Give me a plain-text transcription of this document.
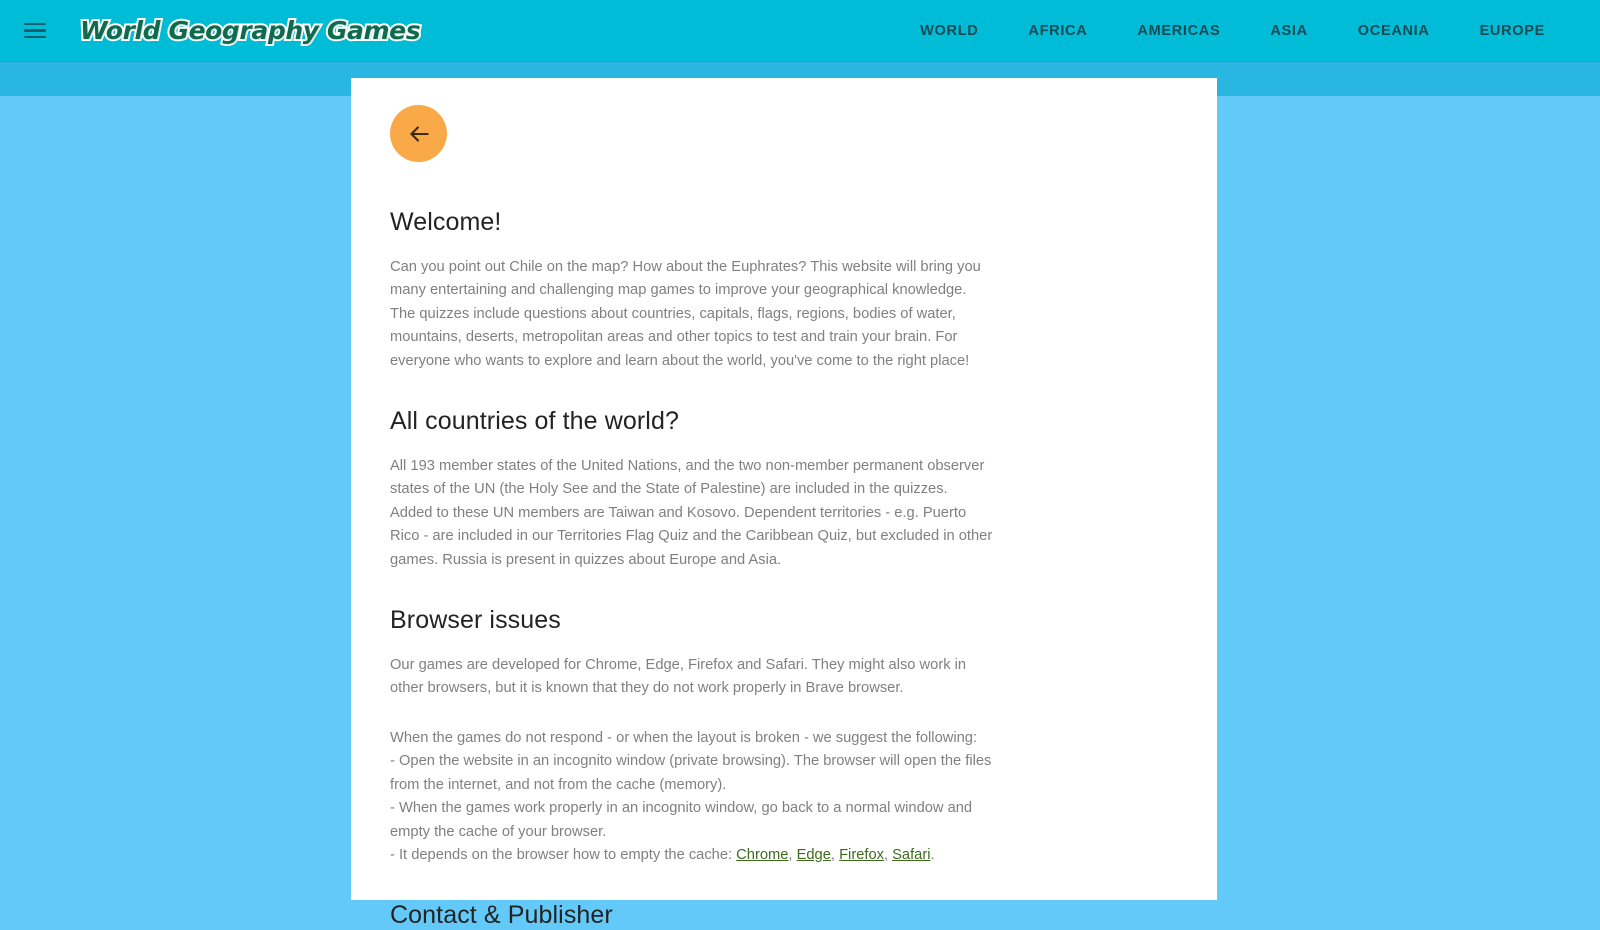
World Geography Games	WORLD	AFRICA	AMERICAS	ASIA	OCEANIA	EUROPE
Welcome!

Can you point out Chile on the map? How about the Euphrates? This website will bring you many entertaining and challenging map games to improve your geographical knowledge. The quizzes include questions about countries, capitals, flags, regions, bodies of water, mountains, deserts, metropolitan areas and other topics to test and train your brain. For everyone who wants to explore and learn about the world, you've come to the right place!

All countries of the world?

All 193 member states of the United Nations, and the two non-member permanent observer states of the UN (the Holy See and the State of Palestine) are included in the quizzes. Added to these UN members are Taiwan and Kosovo. Dependent territories - e.g. Puerto Rico - are included in our Territories Flag Quiz and the Caribbean Quiz, but excluded in other games. Russia is present in quizzes about Europe and Asia.

Browser issues

Our games are developed for Chrome, Edge, Firefox and Safari. They might also work in other browsers, but it is known that they do not work properly in Brave browser.

When the games do not respond - or when the layout is broken - we suggest the following:
- Open the website in an incognito window (private browsing). The browser will open the files from the internet, and not from the cache (memory).
- When the games work properly in an incognito window, go back to a normal window and empty the cache of your browser.
- It depends on the browser how to empty the cache: Chrome, Edge, Firefox, Safari.
Contact & Publisher
